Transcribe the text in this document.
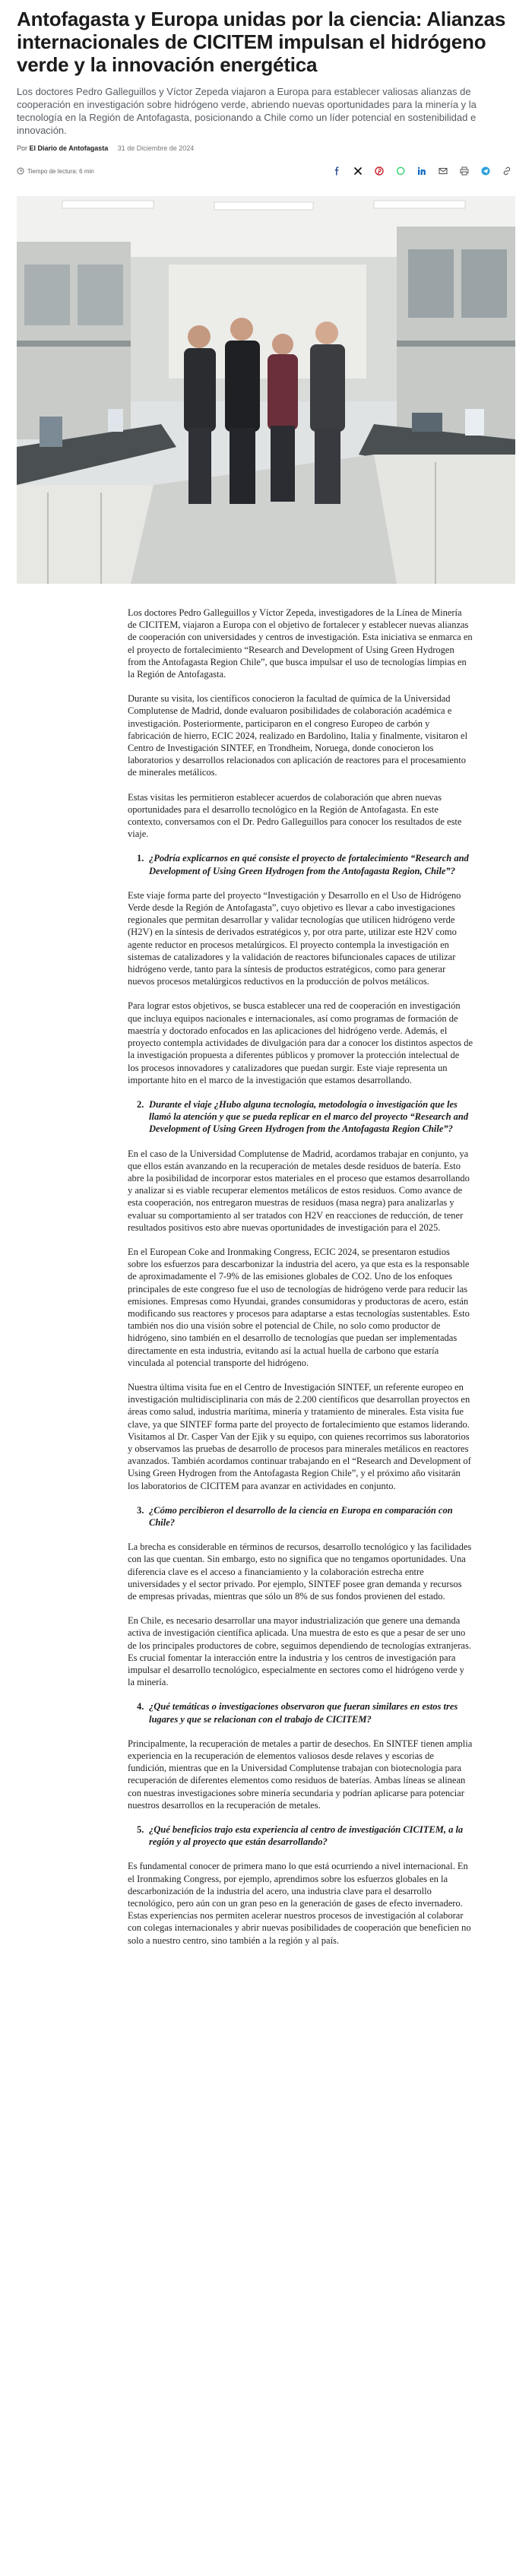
Antofagasta y Europa unidas por la ciencia: Alianzas internacionales de CICITEM impulsan el hidrógeno verde y la innovación energética
Los doctores Pedro Galleguillos y Víctor Zepeda viajaron a Europa para establecer valiosas alianzas de cooperación en investigación sobre hidrógeno verde, abriendo nuevas oportunidades para la minería y la tecnología en la Región de Antofagasta, posicionando a Chile como un líder potencial en sostenibilidad e innovación.
Por El Diario de Antofagasta 31 de Diciembre de 2024
Tiempo de lectura: 6 min

Los doctores Pedro Galleguillos y Víctor Zepeda, investigadores de la Línea de Minería de CICITEM, viajaron a Europa con el objetivo de fortalecer y establecer nuevas alianzas de cooperación con universidades y centros de investigación. Esta iniciativa se enmarca en el proyecto de fortalecimiento “Research and Development of Using Green Hydrogen from the Antofagasta Region Chile”, que busca impulsar el uso de tecnologías limpias en la Región de Antofagasta.

Durante su visita, los científicos conocieron la facultad de química de la Universidad Complutense de Madrid, donde evaluaron posibilidades de colaboración académica e investigación. Posteriormente, participaron en el congreso Europeo de carbón y fabricación de hierro, ECIC 2024, realizado en Bardolino, Italia y finalmente, visitaron el Centro de Investigación SINTEF, en Trondheim, Noruega, donde conocieron los laboratorios y desarrollos relacionados con aplicación de reactores para el procesamiento de minerales metálicos.

Estas visitas les permitieron establecer acuerdos de colaboración que abren nuevas oportunidades para el desarrollo tecnológico en la Región de Antofagasta. En este contexto, conversamos con el Dr. Pedro Galleguillos para conocer los resultados de este viaje.

1. ¿Podría explicarnos en qué consiste el proyecto de fortalecimiento “Research and Development of Using Green Hydrogen from the Antofagasta Region, Chile”?

Este viaje forma parte del proyecto “Investigación y Desarrollo en el Uso de Hidrógeno Verde desde la Región de Antofagasta”, cuyo objetivo es llevar a cabo investigaciones regionales que permitan desarrollar y validar tecnologías que utilicen hidrógeno verde (H2V) en la síntesis de derivados estratégicos y, por otra parte, utilizar este H2V como agente reductor en procesos metalúrgicos. El proyecto contempla la investigación en sistemas de catalizadores y la validación de reactores bifuncionales capaces de utilizar hidrógeno verde, tanto para la síntesis de productos estratégicos, como para generar nuevos procesos metalúrgicos reductivos en la producción de polvos metálicos.

Para lograr estos objetivos, se busca establecer una red de cooperación en investigación que incluya equipos nacionales e internacionales, así como programas de formación de maestría y doctorado enfocados en las aplicaciones del hidrógeno verde. Además, el proyecto contempla actividades de divulgación para dar a conocer los distintos aspectos de la investigación propuesta a diferentes públicos y promover la protección intelectual de los procesos innovadores y catalizadores que puedan surgir. Este viaje representa un importante hito en el marco de la investigación que estamos desarrollando.

2. Durante el viaje ¿Hubo alguna tecnología, metodología o investigación que les llamó la atención y que se pueda replicar en el marco del proyecto “Research and Development of Using Green Hydrogen from the Antofagasta Region Chile”?

En el caso de la Universidad Complutense de Madrid, acordamos trabajar en conjunto, ya que ellos están avanzando en la recuperación de metales desde residuos de batería. Esto abre la posibilidad de incorporar estos materiales en el proceso que estamos desarrollando y analizar si es viable recuperar elementos metálicos de estos residuos. Como avance de esta cooperación, nos entregaron muestras de residuos (masa negra) para analizarlas y evaluar su comportamiento al ser tratados con H2V en reacciones de reducción, de tener resultados positivos esto abre nuevas oportunidades de investigación para el 2025.

En el European Coke and Ironmaking Congress, ECIC 2024, se presentaron estudios sobre los esfuerzos para descarbonizar la industria del acero, ya que esta es la responsable de aproximadamente el 7-9% de las emisiones globales de CO2. Uno de los enfoques principales de este congreso fue el uso de tecnologías de hidrógeno verde para reducir las emisiones. Empresas como Hyundai, grandes consumidoras y productoras de acero, están modificando sus reactores y procesos para adaptarse a estas tecnologías sustentables. Esto también nos dio una visión sobre el potencial de Chile, no solo como productor de hidrógeno, sino también en el desarrollo de tecnologías que puedan ser implementadas directamente en esta industria, evitando así la actual huella de carbono que estaría vinculada al potencial transporte del hidrógeno.

Nuestra última visita fue en el Centro de Investigación SINTEF, un referente europeo en investigación multidisciplinaria con más de 2.200 científicos que desarrollan proyectos en áreas como salud, industria marítima, minería y tratamiento de minerales. Esta visita fue clave, ya que SINTEF forma parte del proyecto de fortalecimiento que estamos liderando. Visitamos al Dr. Casper Van der Ejik y su equipo, con quienes recorrimos sus laboratorios y observamos las pruebas de desarrollo de procesos para minerales metálicos en reactores avanzados. También acordamos continuar trabajando en el “Research and Development of Using Green Hydrogen from the Antofagasta Region Chile”, y el próximo año visitarán los laboratorios de CICITEM para avanzar en actividades en conjunto.

3. ¿Cómo percibieron el desarrollo de la ciencia en Europa en comparación con Chile?

La brecha es considerable en términos de recursos, desarrollo tecnológico y las facilidades con las que cuentan. Sin embargo, esto no significa que no tengamos oportunidades. Una diferencia clave es el acceso a financiamiento y la colaboración estrecha entre universidades y el sector privado. Por ejemplo, SINTEF posee gran demanda y recursos de empresas privadas, mientras que sólo un 8% de sus fondos provienen del estado.

En Chile, es necesario desarrollar una mayor industrialización que genere una demanda activa de investigación científica aplicada. Una muestra de esto es que a pesar de ser uno de los principales productores de cobre, seguimos dependiendo de tecnologías extranjeras. Es crucial fomentar la interacción entre la industria y los centros de investigación para impulsar el desarrollo tecnológico, especialmente en sectores como el hidrógeno verde y la minería.

4. ¿Qué temáticas o investigaciones observaron que fueran similares en estos tres lugares y que se relacionan con el trabajo de CICITEM?

Principalmente, la recuperación de metales a partir de desechos. En SINTEF tienen amplia experiencia en la recuperación de elementos valiosos desde relaves y escorias de fundición, mientras que en la Universidad Complutense trabajan con biotecnología para recuperación de diferentes elementos como residuos de baterías. Ambas líneas se alinean con nuestras investigaciones sobre minería secundaria y podrían aplicarse para potenciar nuestros desarrollos en la recuperación de metales.

5. ¿Qué beneficios trajo esta experiencia al centro de investigación CICITEM, a la región y al proyecto que están desarrollando?

Es fundamental conocer de primera mano lo que está ocurriendo a nivel internacional. En el Ironmaking Congress, por ejemplo, aprendimos sobre los esfuerzos globales en la descarbonización de la industria del acero, una industria clave para el desarrollo tecnológico, pero aún con un gran peso en la generación de gases de efecto invernadero. Estas experiencias nos permiten acelerar nuestros procesos de investigación al colaborar con colegas internacionales y abrir nuevas posibilidades de cooperación que beneficien no solo a nuestro centro, sino también a la región y al país.
